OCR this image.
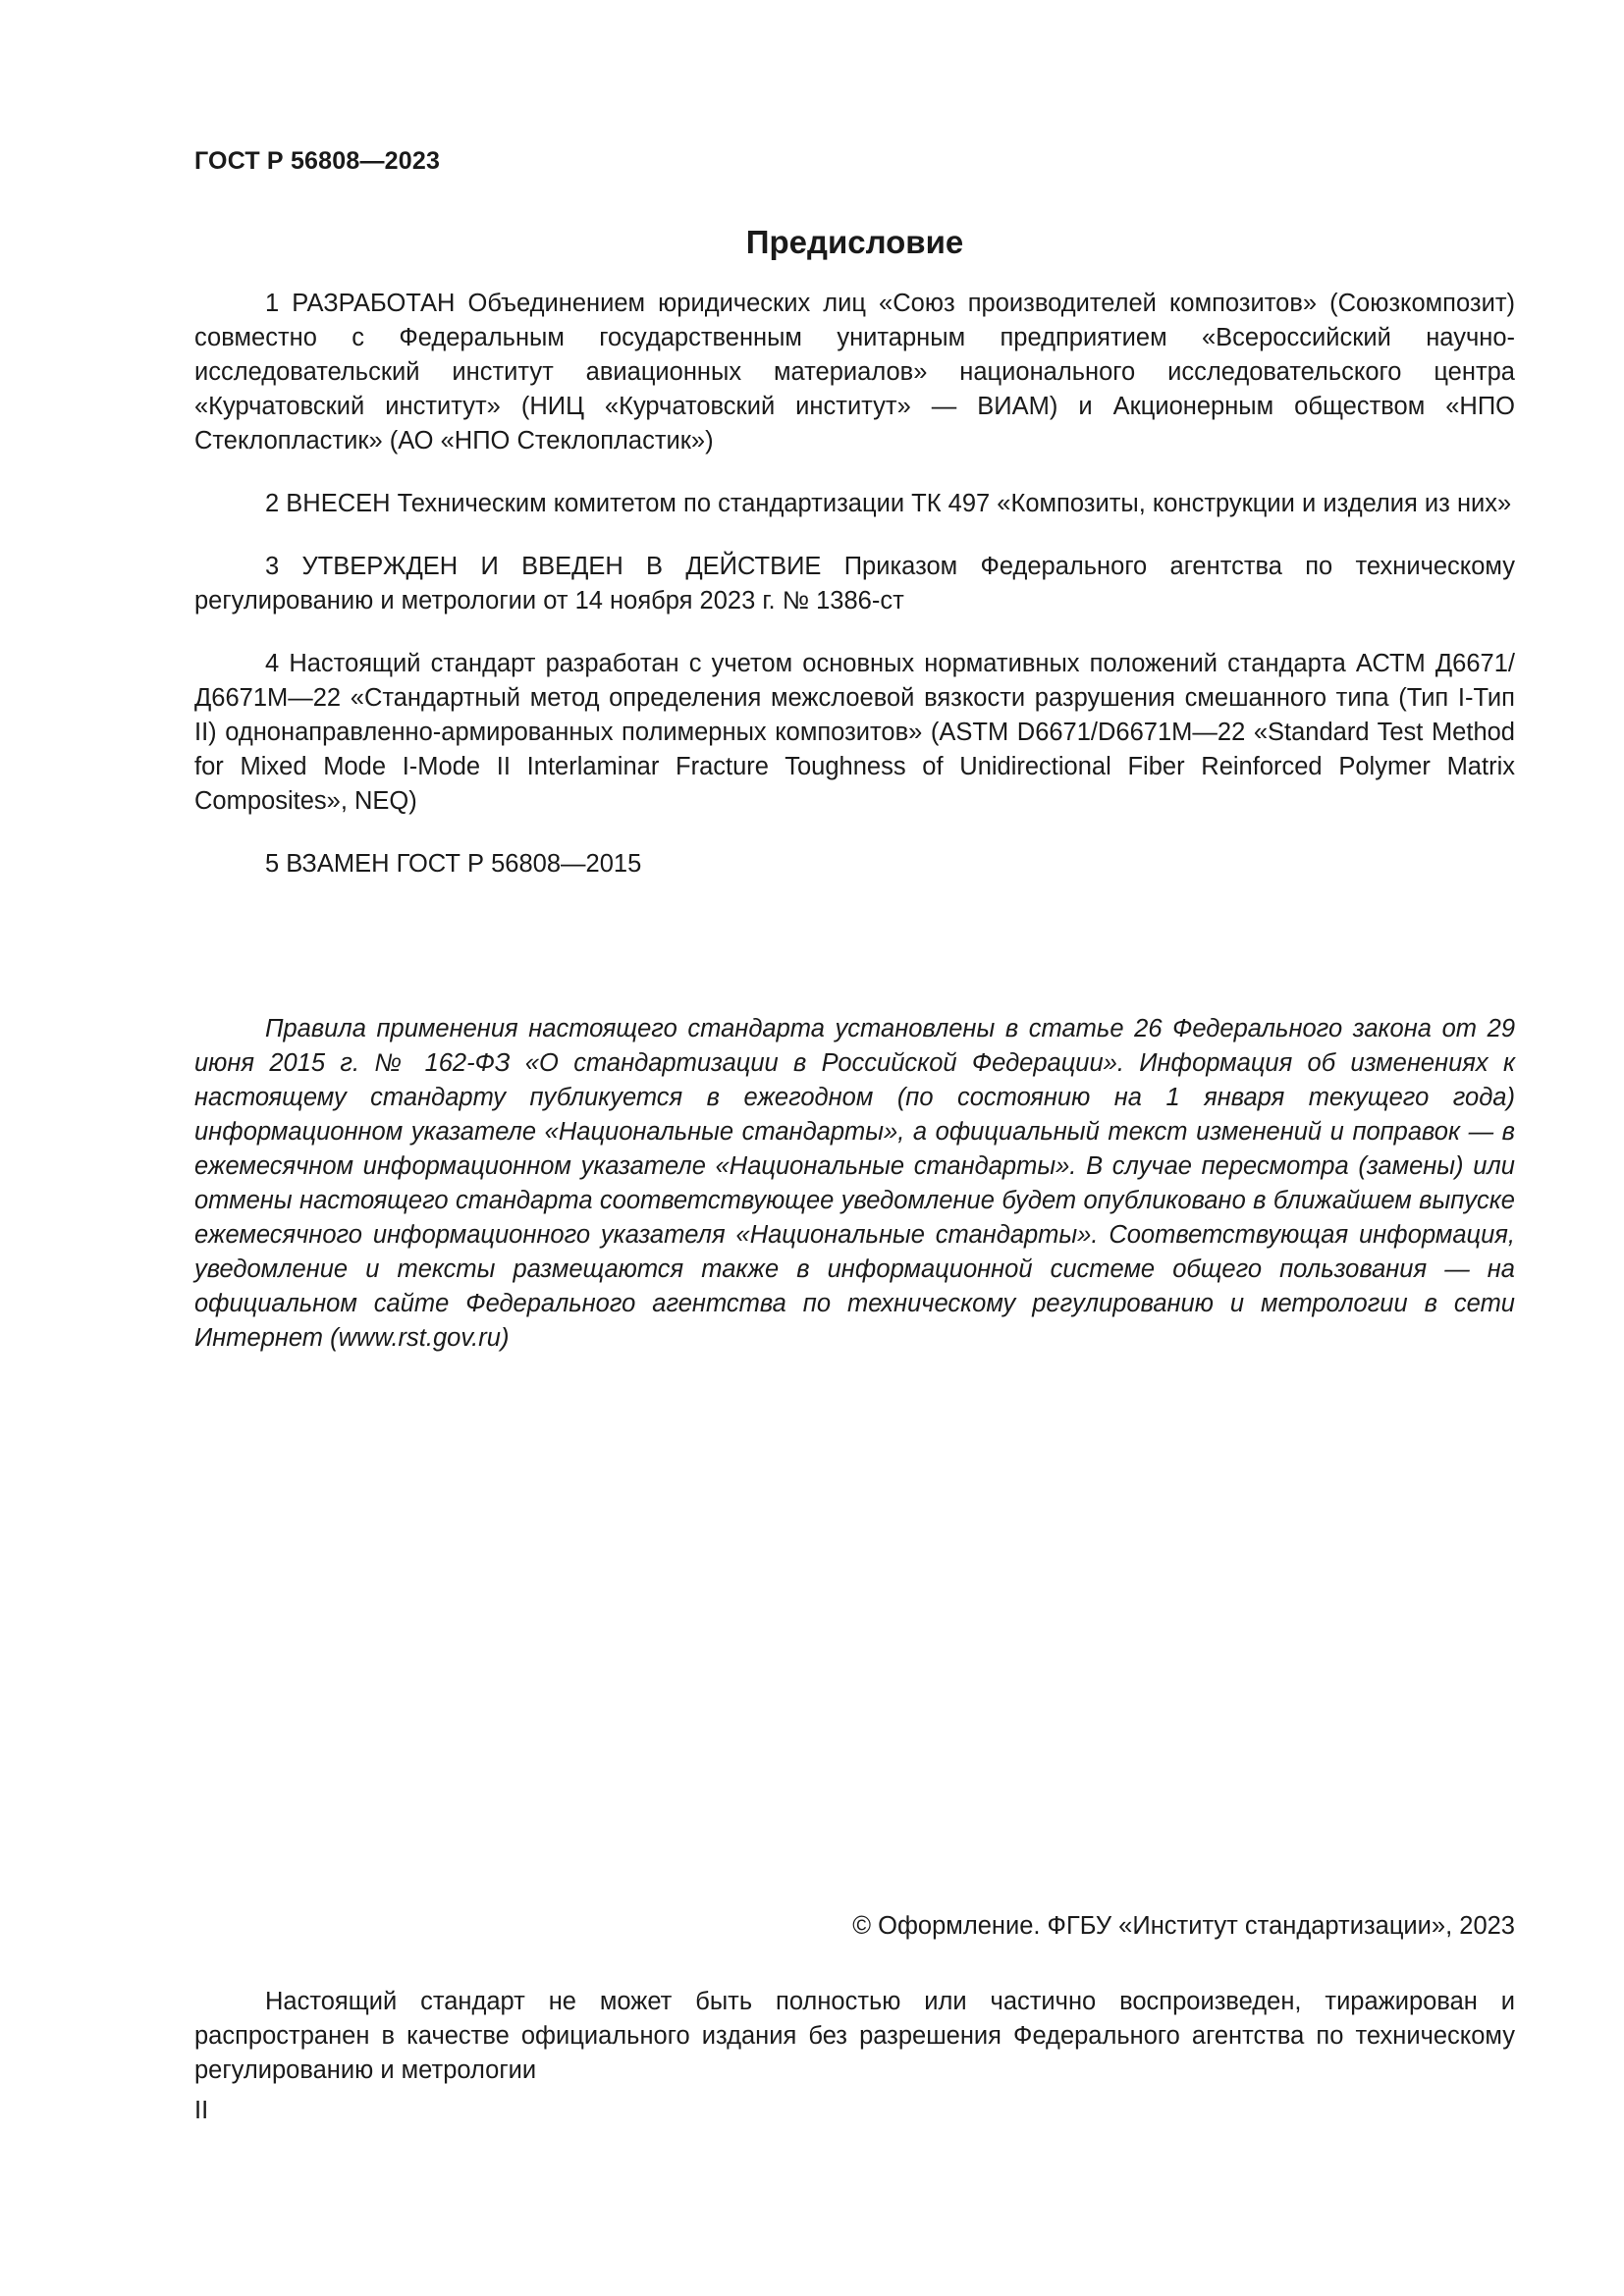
ГОСТ Р 56808—2023
Предисловие

1 РАЗРАБОТАН Объединением юридических лиц «Союз производителей композитов» (Союзкомпозит) совместно с Федеральным государственным унитарным предприятием «Всероссийский научно-исследовательский институт авиационных материалов» национального исследовательского центра «Курчатовский институт» (НИЦ «Курчатовский институт» — ВИАМ) и Акционерным обществом «НПО Стеклопластик» (АО «НПО Стеклопластик»)

2 ВНЕСЕН Техническим комитетом по стандартизации ТК 497 «Композиты, конструкции и изделия из них»

3 УТВЕРЖДЕН И ВВЕДЕН В ДЕЙСТВИЕ Приказом Федерального агентства по техническому регулированию и метрологии от 14 ноября 2023 г. № 1386-ст

4 Настоящий стандарт разработан с учетом основных нормативных положений стандарта АСТМ Д6671/Д6671М—22 «Стандартный метод определения межслоевой вязкости разрушения смешанного типа (Тип I-Тип II) однонаправленно-армированных полимерных композитов» (ASTM D6671/D6671M—22 «Standard Test Method for Mixed Mode I-Mode II Interlaminar Fracture Toughness of Unidirectional Fiber Reinforced Polymer Matrix Composites», NEQ)

5 ВЗАМЕН ГОСТ Р 56808—2015

Правила применения настоящего стандарта установлены в статье 26 Федерального закона от 29 июня 2015 г. № 162-ФЗ «О стандартизации в Российской Федерации». Информация об изменениях к настоящему стандарту публикуется в ежегодном (по состоянию на 1 января текущего года) информационном указателе «Национальные стандарты», а официальный текст изменений и поправок — в ежемесячном информационном указателе «Национальные стандарты». В случае пересмотра (замены) или отмены настоящего стандарта соответствующее уведомление будет опубликовано в ближайшем выпуске ежемесячного информационного указателя «Национальные стандарты». Соответствующая информация, уведомление и тексты размещаются также в информационной системе общего пользования — на официальном сайте Федерального агентства по техническому регулированию и метрологии в сети Интернет (www.rst.gov.ru)

© Оформление. ФГБУ «Институт стандартизации», 2023

Настоящий стандарт не может быть полностью или частично воспроизведен, тиражирован и распространен в качестве официального издания без разрешения Федерального агентства по техническому регулированию и метрологии

II
